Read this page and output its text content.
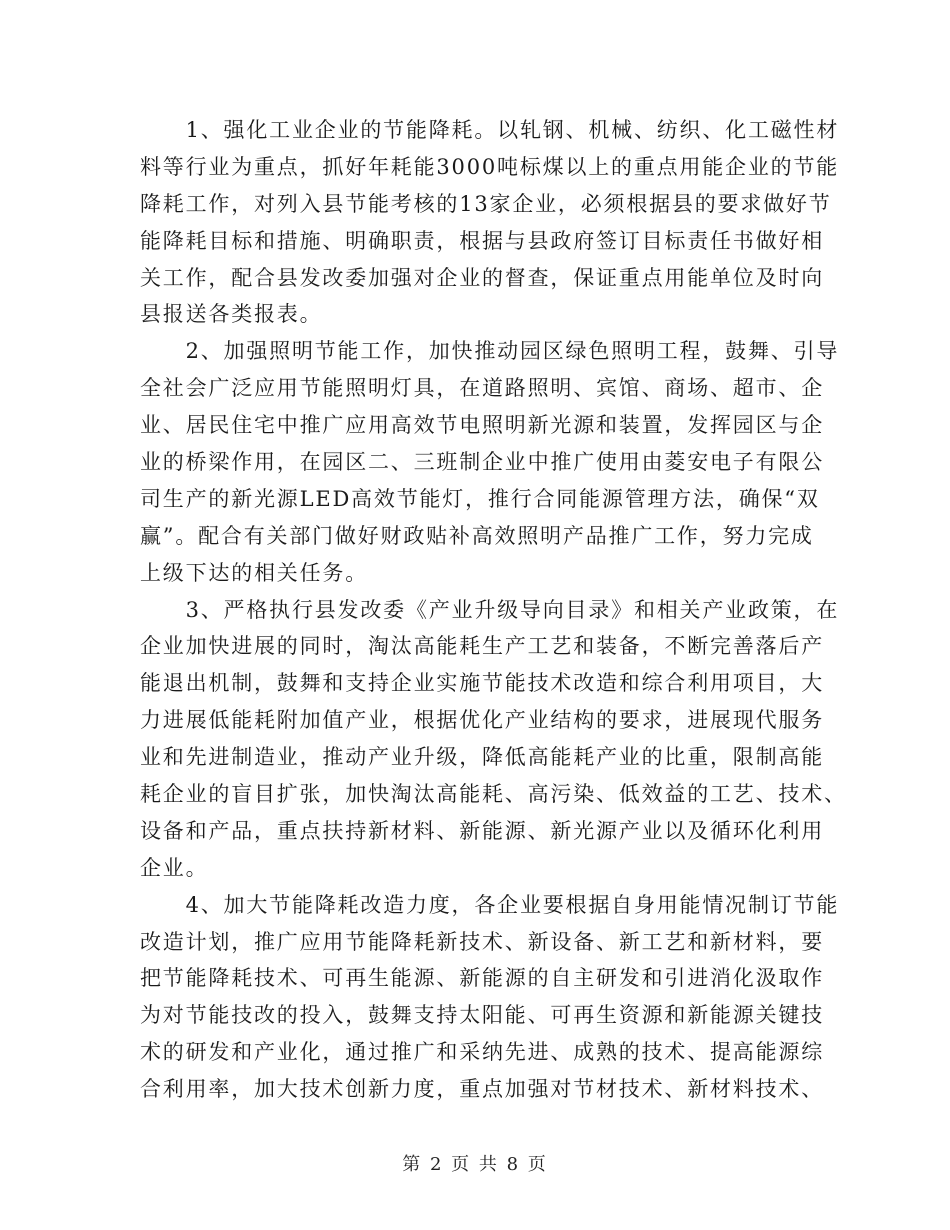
　　1、强化工业企业的节能降耗。以轧钢、机械、纺织、化工磁性材
料等行业为重点，抓好年耗能3000吨标煤以上的重点用能企业的节能
降耗工作，对列入县节能考核的13家企业，必须根据县的要求做好节
能降耗目标和措施、明确职责，根据与县政府签订目标责任书做好相
关工作，配合县发改委加强对企业的督查，保证重点用能单位及时向
县报送各类报表。
　　2、加强照明节能工作，加快推动园区绿色照明工程，鼓舞、引导
全社会广泛应用节能照明灯具，在道路照明、宾馆、商场、超市、企
业、居民住宅中推广应用高效节电照明新光源和装置，发挥园区与企
业的桥梁作用，在园区二、三班制企业中推广使用由菱安电子有限公
司生产的新光源LED高效节能灯，推行合同能源管理方法，确保“双
赢”。配合有关部门做好财政贴补高效照明产品推广工作，努力完成
上级下达的相关任务。
　　3、严格执行县发改委《产业升级导向目录》和相关产业政策，在
企业加快进展的同时，淘汰高能耗生产工艺和装备，不断完善落后产
能退出机制，鼓舞和支持企业实施节能技术改造和综合利用项目，大
力进展低能耗附加值产业，根据优化产业结构的要求，进展现代服务
业和先进制造业，推动产业升级，降低高能耗产业的比重，限制高能
耗企业的盲目扩张，加快淘汰高能耗、高污染、低效益的工艺、技术、
设备和产品，重点扶持新材料、新能源、新光源产业以及循环化利用
企业。
　　4、加大节能降耗改造力度，各企业要根据自身用能情况制订节能
改造计划，推广应用节能降耗新技术、新设备、新工艺和新材料，要
把节能降耗技术、可再生能源、新能源的自主研发和引进消化汲取作
为对节能技改的投入，鼓舞支持太阳能、可再生资源和新能源关键技
术的研发和产业化，通过推广和采纳先进、成熟的技术、提高能源综
合利用率，加大技术创新力度，重点加强对节材技术、新材料技术、
第 2 页 共 8 页
